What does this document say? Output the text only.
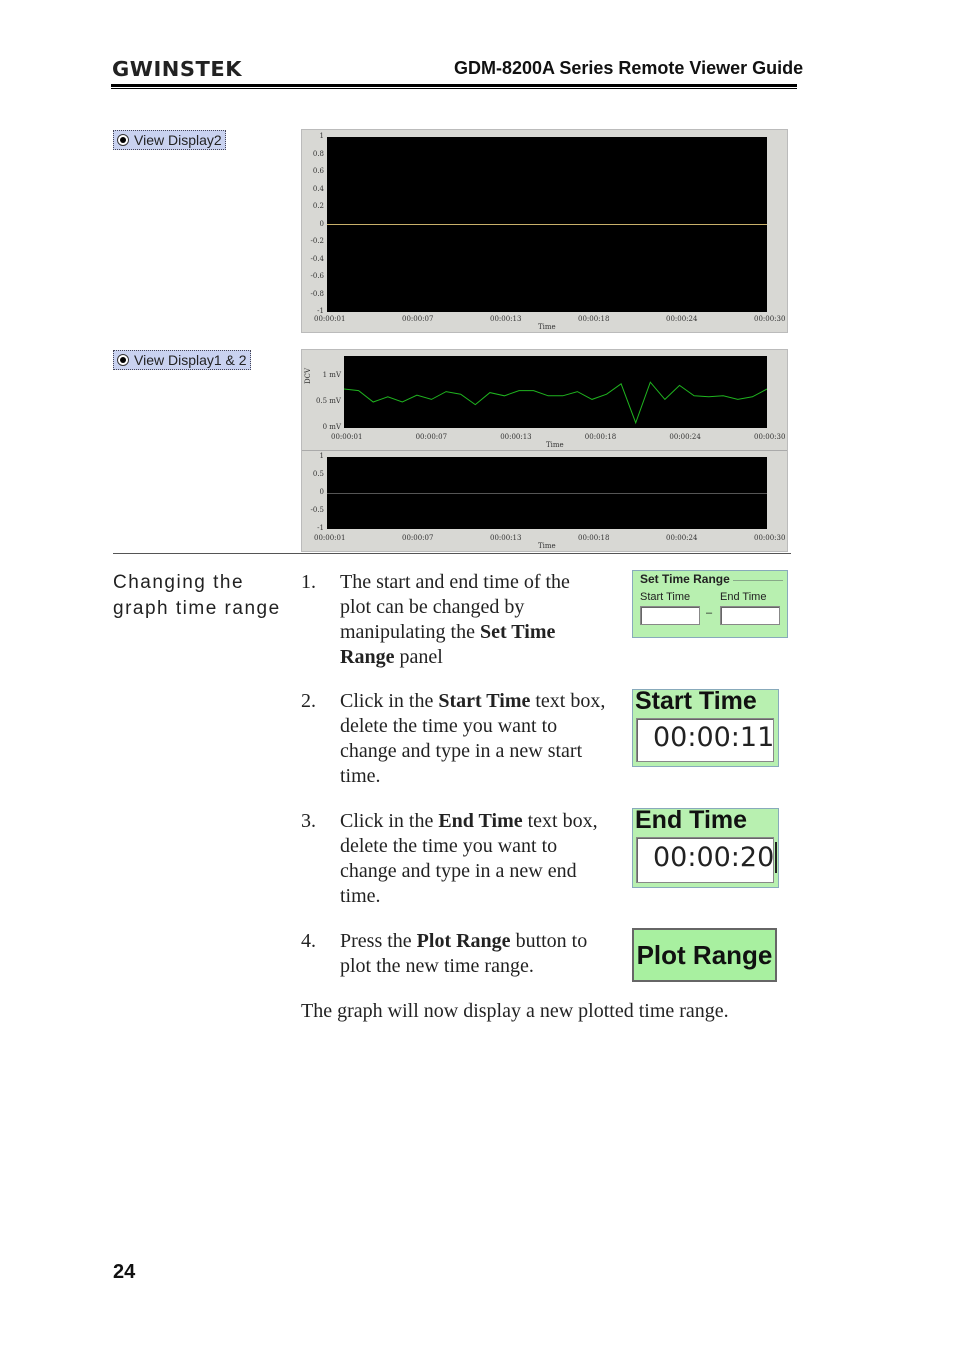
GWINSTEK	GDM-8200A Series Remote Viewer Guide
View Display2	1
0.8
0.6
0.4
0.2
0
-0.2
-0.4
-0.6
-0.8
-1
00:00:01	00:00:07	00:00:13	00:00:18	00:00:24	00:00:30
Time
View Display1 & 2
DCV 1 mV
0.5 mV
0 mV
00:00:01	00:00:07	00:00:13	00:00:18	00:00:24	00:00:30
Time
1
0.5
0
-0.5
-1
00:00:01	00:00:07	00:00:13	00:00:18	00:00:24	00:00:30
Time
Changing the
graph time range
1. The start and end time of the
plot can be changed by
manipulating the Set Time
Range panel
Set Time Range
Start Time	End Time
–
2. Click in the Start Time text box,
delete the time you want to
change and type in a new start
time.
Start Time
00:00:11
3. Click in the End Time text box,
delete the time you want to
change and type in a new end
time.
End Time
00:00:20
4. Press the Plot Range button to
plot the new time range.	Plot Range
The graph will now display a new plotted time range.
24
